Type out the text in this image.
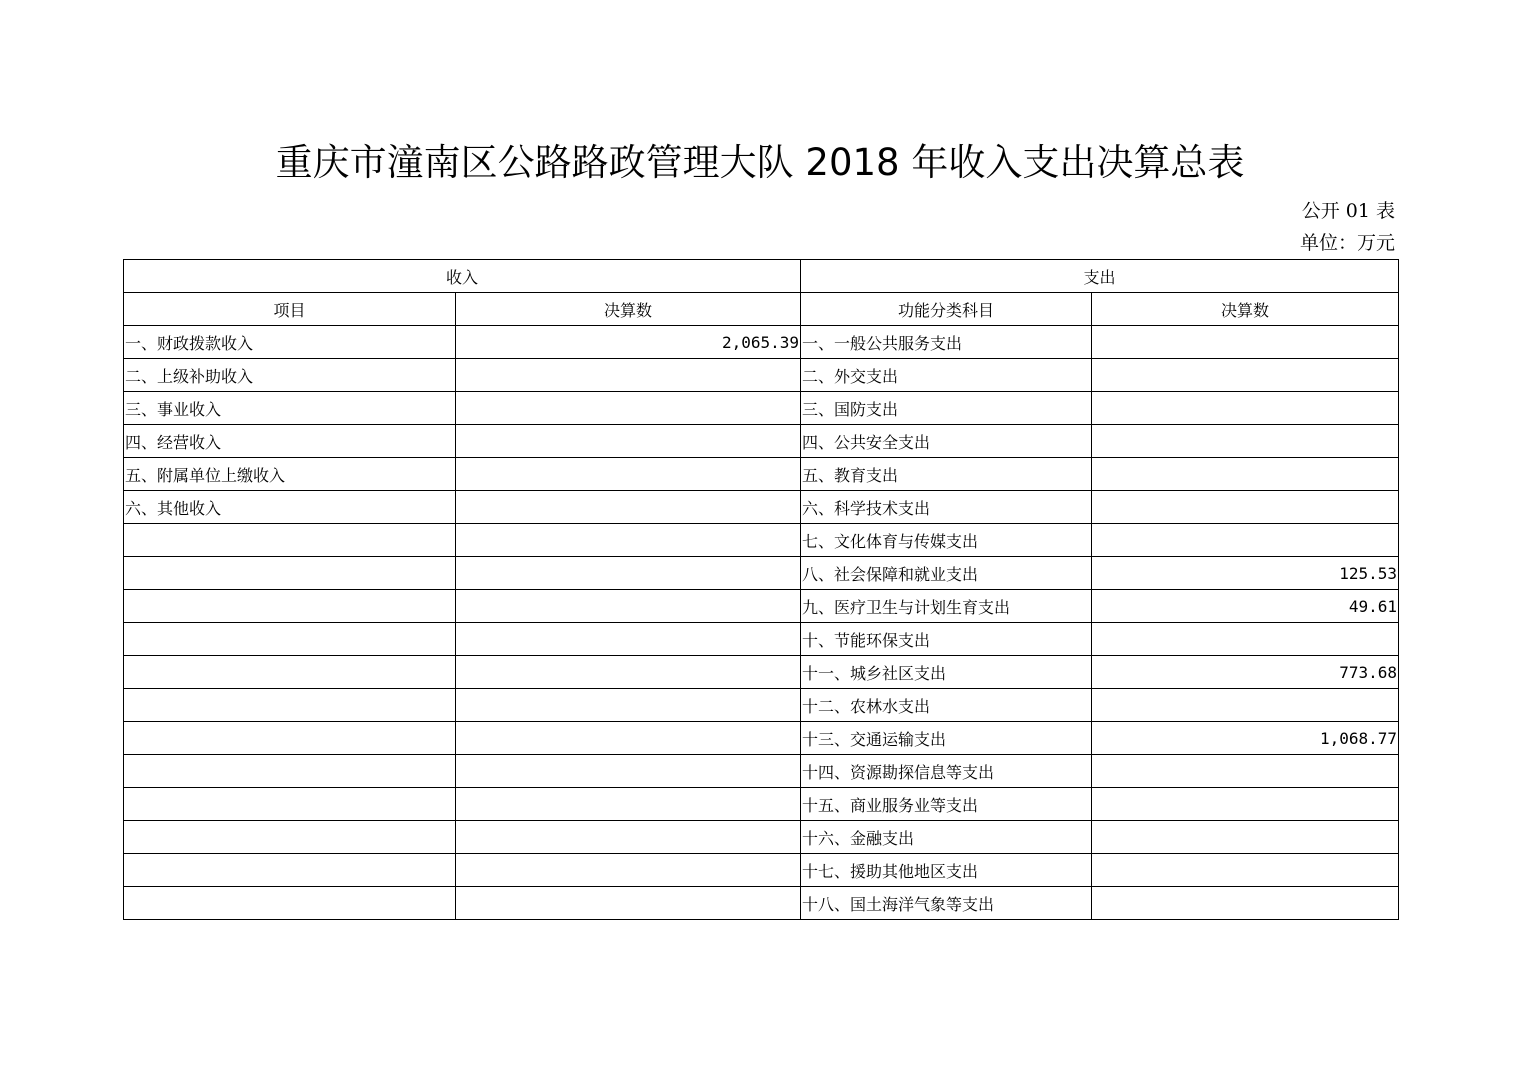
重庆市潼南区公路路政管理大队 2018 年收入支出决算总表
公开 01 表
单位：万元
收入		支出	
项目	决算数	功能分类科目	决算数
一、财政拨款收入	2,065.39	一、一般公共服务支出	
二、上级补助收入		二、外交支出	
三、事业收入		三、国防支出	
四、经营收入		四、公共安全支出	
五、附属单位上缴收入		五、教育支出	
六、其他收入		六、科学技术支出	
		七、文化体育与传媒支出	
		八、社会保障和就业支出	125.53
		九、医疗卫生与计划生育支出	49.61
		十、节能环保支出	
		十一、城乡社区支出	773.68
		十二、农林水支出	
		十三、交通运输支出	1,068.77
		十四、资源勘探信息等支出	
		十五、商业服务业等支出	
		十六、金融支出	
		十七、援助其他地区支出	
		十八、国土海洋气象等支出	
